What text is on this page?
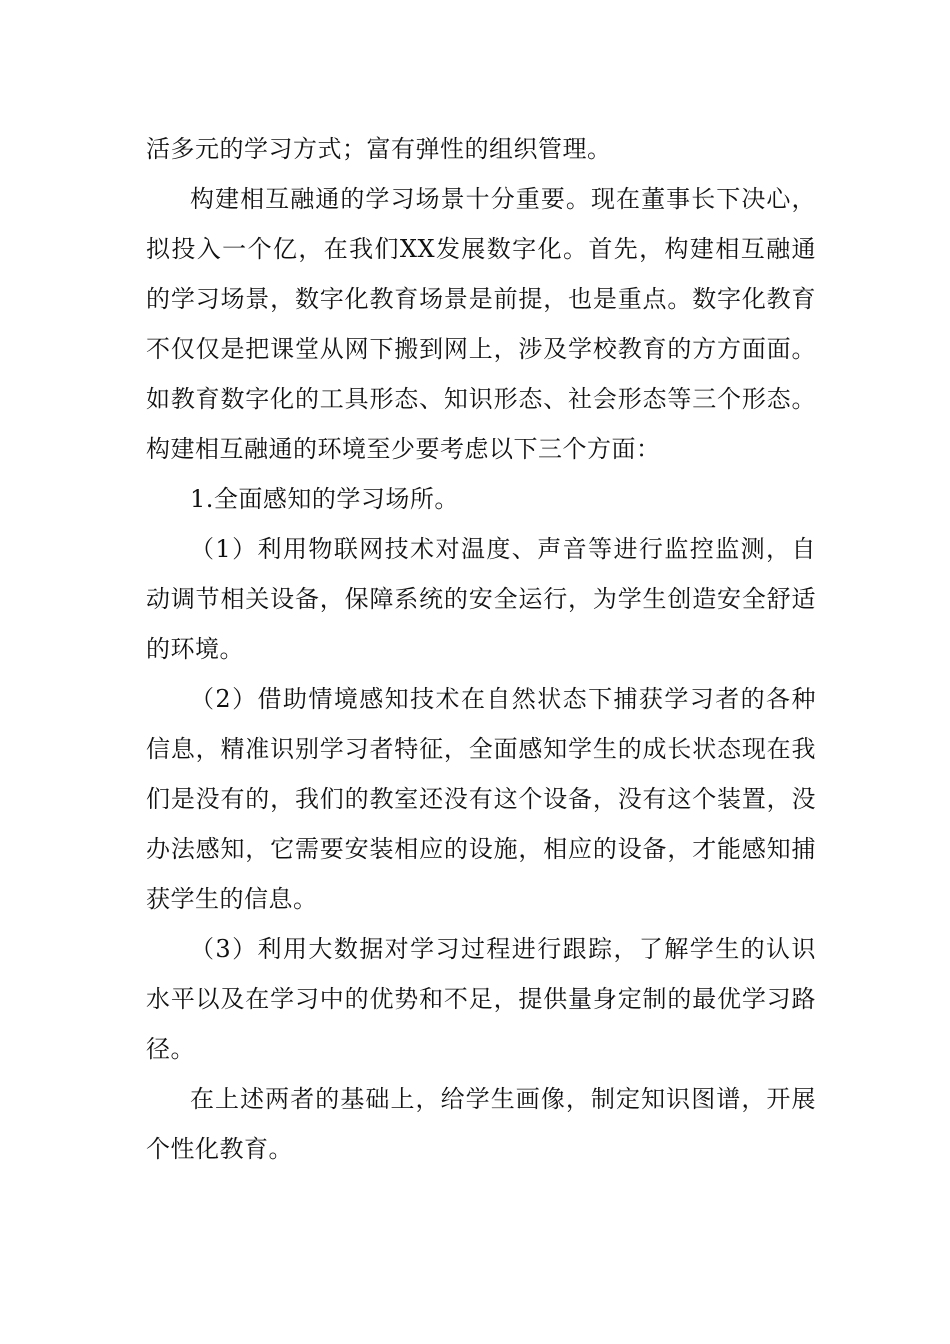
活多元的学习方式；富有弹性的组织管理。

构建相互融通的学习场景十分重要。现在董事长下决心，拟投入一个亿，在我们XX发展数字化。首先，构建相互融通的学习场景，数字化教育场景是前提，也是重点。数字化教育不仅仅是把课堂从网下搬到网上，涉及学校教育的方方面面。如教育数字化的工具形态、知识形态、社会形态等三个形态。构建相互融通的环境至少要考虑以下三个方面：

1.全面感知的学习场所。

（1）利用物联网技术对温度、声音等进行监控监测，自动调节相关设备，保障系统的安全运行，为学生创造安全舒适的环境。

（2）借助情境感知技术在自然状态下捕获学习者的各种信息，精准识别学习者特征，全面感知学生的成长状态现在我们是没有的，我们的教室还没有这个设备，没有这个装置，没办法感知，它需要安装相应的设施，相应的设备，才能感知捕获学生的信息。

（3）利用大数据对学习过程进行跟踪，了解学生的认识水平以及在学习中的优势和不足，提供量身定制的最优学习路径。

在上述两者的基础上，给学生画像，制定知识图谱，开展个性化教育。
